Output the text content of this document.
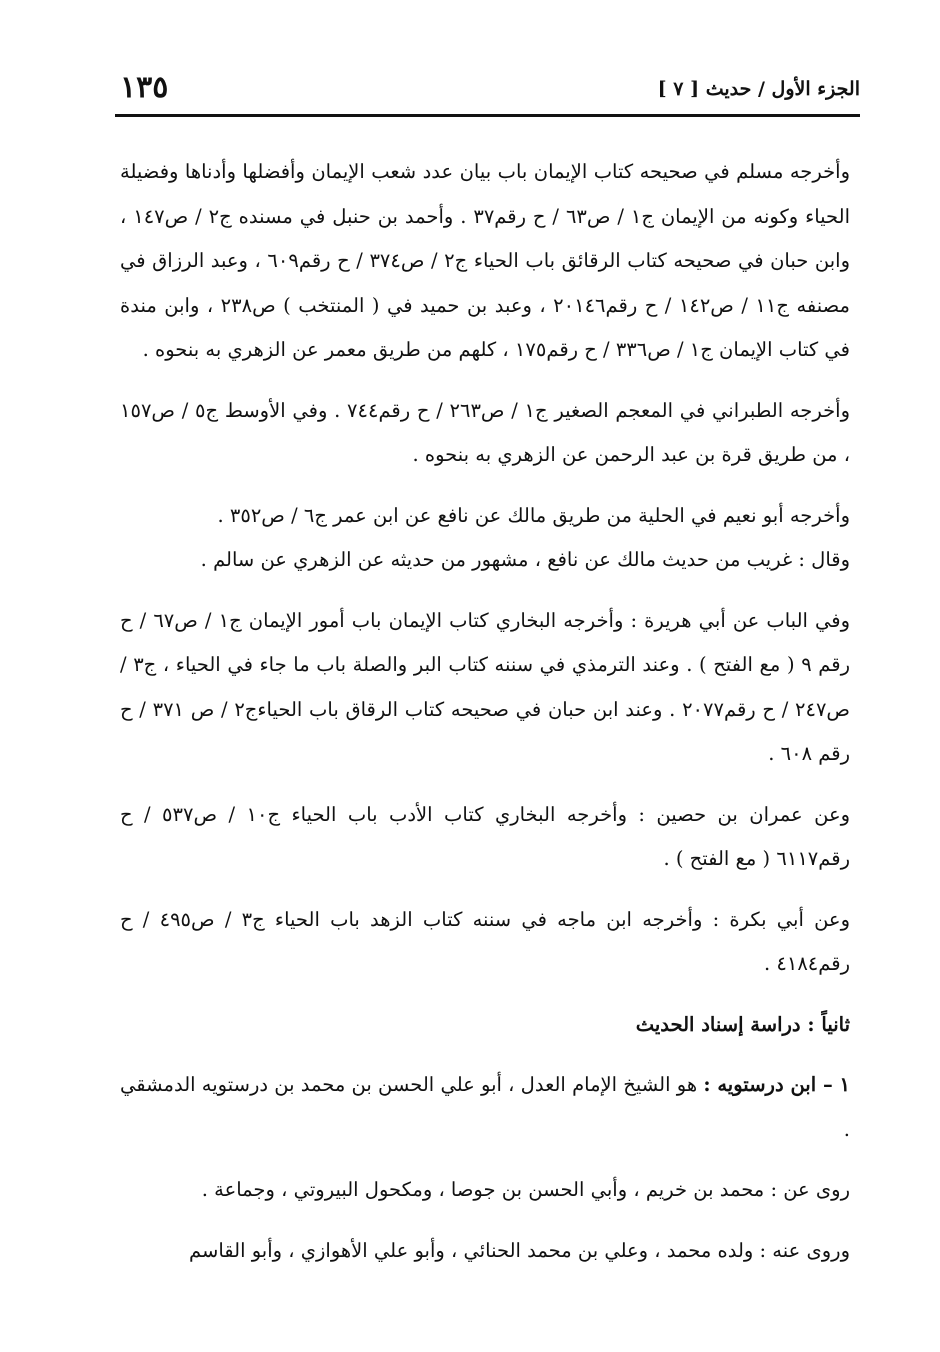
الجزء الأول / حديث [ ٧ ]
١٣٥

وأخرجه مسلم في صحيحه كتاب الإيمان باب بيان عدد شعب الإيمان وأفضلها وأدناها وفضيلة الحياء وكونه من الإيمان ج١ / ص٦٣ / ح رقم٣٧ . وأحمد بن حنبل في مسنده ج٢ / ص١٤٧ ، وابن حبان في صحيحه كتاب الرقائق باب الحياء ج٢ / ص٣٧٤ / ح رقم٦٠٩ ، وعبد الرزاق في مصنفه ج١١ / ص١٤٢ / ح رقم٢٠١٤٦ ، وعبد بن حميد في ( المنتخب ) ص٢٣٨ ، وابن مندة في كتاب الإيمان ج١ / ص٣٣٦ / ح رقم١٧٥ ، كلهم من طريق معمر عن الزهري به بنحوه .

وأخرجه الطبراني في المعجم الصغير ج١ / ص٢٦٣ / ح رقم٧٤٤ . وفي الأوسط ج٥ / ص١٥٧ ، من طريق قرة بن عبد الرحمن عن الزهري به بنحوه .

وأخرجه أبو نعيم في الحلية من طريق مالك عن نافع عن ابن عمر ج٦ / ص٣٥٢ .

وقال : غريب من حديث مالك عن نافع ، مشهور من حديثه عن الزهري عن سالم .

وفي الباب عن أبي هريرة : وأخرجه البخاري كتاب الإيمان باب أمور الإيمان ج١ / ص٦٧ / ح رقم ٩ ( مع الفتح ) . وعند الترمذي في سننه كتاب البر والصلة باب ما جاء في الحياء ، ج٣ / ص٢٤٧ / ح رقم٢٠٧٧ . وعند ابن حبان في صحيحه كتاب الرقاق باب الحياءج٢ / ص ٣٧١ / ح رقم ٦٠٨ .

وعن عمران بن حصين : وأخرجه البخاري كتاب الأدب باب الحياء ج١٠ / ص٥٣٧ / ح رقم٦١١٧ ( مع الفتح ) .

وعن أبي بكرة : وأخرجه ابن ماجه في سننه كتاب الزهد باب الحياء ج٣ / ص٤٩٥ / ح رقم٤١٨٤ .

ثانياً : دراسة إسناد الحديث

١ – ابن درستويه : هو الشيخ الإمام العدل ، أبو علي الحسن بن محمد بن درستويه الدمشقي .

روى عن : محمد بن خريم ، وأبي الحسن بن جوصا ، ومكحول البيروتي ، وجماعة .

وروى عنه : ولده محمد ، وعلي بن محمد الحنائي ، وأبو علي الأهوازي ، وأبو القاسم
